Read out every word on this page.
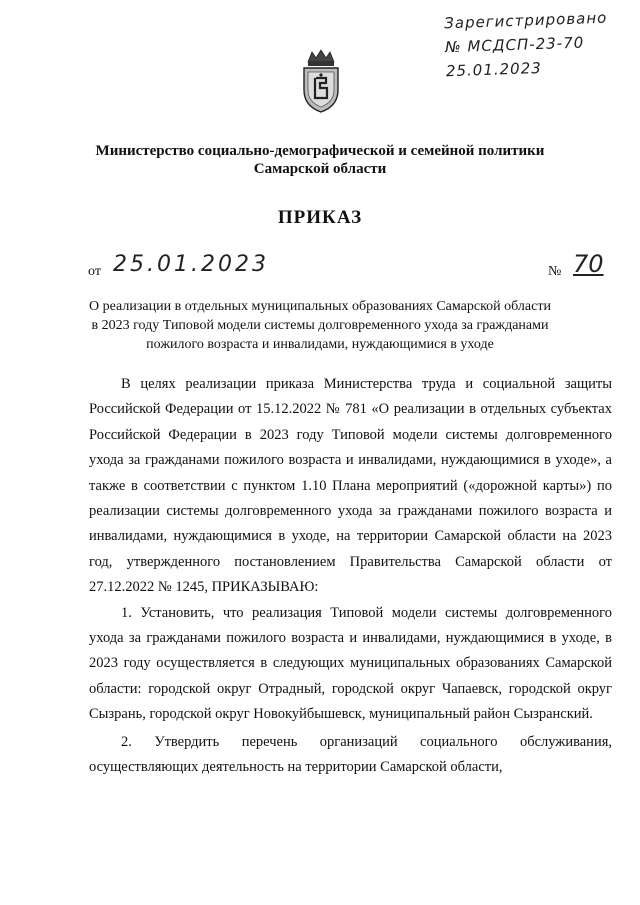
Зарегистрировано
№ МСДСП-23-70
25.01.2023
Министерство социально-демографической и семейной политики
Самарской области
ПРИКАЗ
от 25.01.2023	№ 70
О реализации в отдельных муниципальных образованиях Самарской области
в 2023 году Типовой модели системы долговременного ухода за гражданами
пожилого возраста и инвалидами, нуждающимися в уходе

В целях реализации приказа Министерства труда и социальной защиты Российской Федерации от 15.12.2022 № 781 «О реализации в отдельных субъектах Российской Федерации в 2023 году Типовой модели системы долговременного ухода за гражданами пожилого возраста и инвалидами, нуждающимися в уходе», а также в соответствии с пунктом 1.10 Плана мероприятий («дорожной карты») по реализации системы долговременного ухода за гражданами пожилого возраста и инвалидами, нуждающимися в уходе, на территории Самарской области на 2023 год, утвержденного постановлением Правительства Самарской области от 27.12.2022 № 1245, ПРИКАЗЫВАЮ:

1. Установить, что реализация Типовой модели системы долговременного ухода за гражданами пожилого возраста и инвалидами, нуждающимися в уходе, в 2023 году осуществляется в следующих муниципальных образованиях Самарской области: городской округ Отрадный, городской округ Чапаевск, городской округ Сызрань, городской округ Новокуйбышевск, муниципальный район Сызранский.

2. Утвердить перечень организаций социального обслуживания, осуществляющих деятельность на территории Самарской области,
